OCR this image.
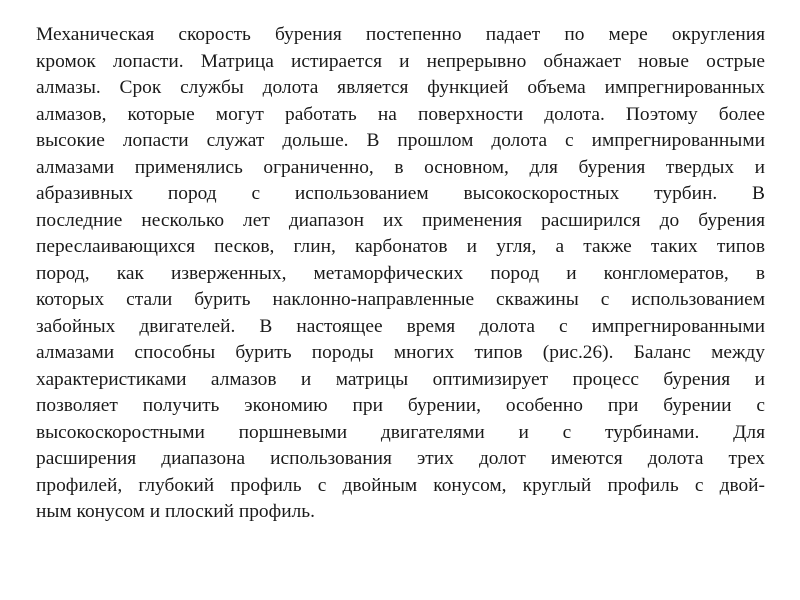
Механическая скорость бурения постепенно падает по мере округления
кромок лопасти. Матрица истирается и непрерывно обнажает новые острые
алмазы. Срок службы долота является функцией объема импрегнированных
алмазов, которые могут работать на поверхности долота. Поэтому более
высокие лопасти служат дольше. В прошлом долота с импрегнированными
алмазами применялись ограниченно, в основном, для бурения твердых и
абразивных пород с использованием высокоскоростных турбин. В
последние несколько лет диапазон их применения расширился до бурения
переслаивающихся песков, глин, карбонатов и угля, а также таких типов
пород, как изверженных, метаморфических пород и конгломератов, в
которых стали бурить наклонно-направленные скважины с использованием
забойных двигателей. В настоящее время долота с импрегнированными
алмазами способны бурить породы многих типов (рис.26). Баланс между
характеристиками алмазов и матрицы оптимизирует процесс бурения и
позволяет получить экономию при бурении, особенно при бурении с
высокоскоростными поршневыми двигателями и с турбинами. Для
расширения диапазона использования этих долот имеются долота трех
профилей, глубокий профиль с двойным конусом, круглый профиль с двой-
ным конусом и плоский профиль.
